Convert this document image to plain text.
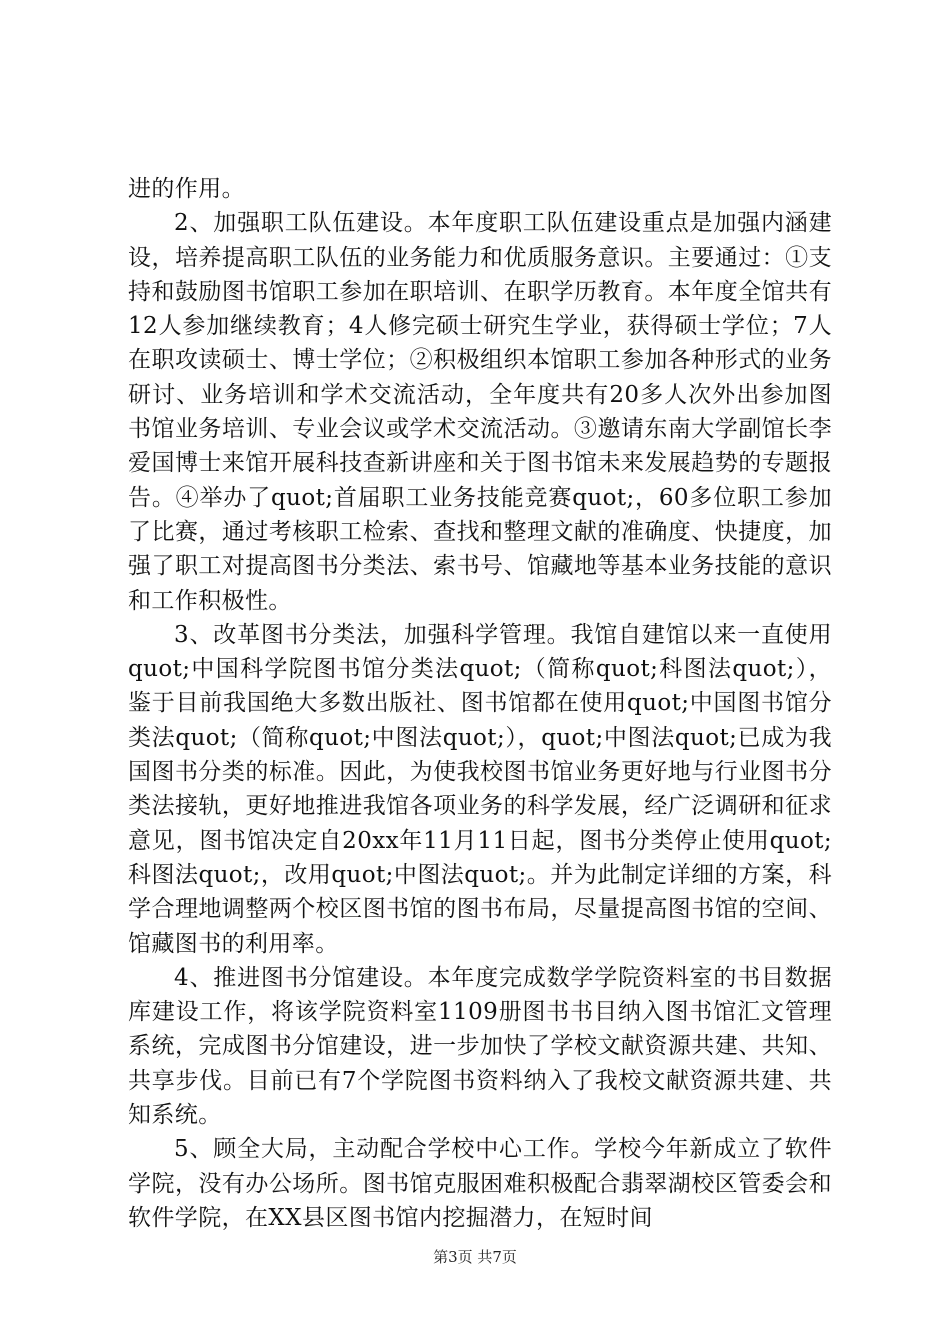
进的作用。

2、加强职工队伍建设。本年度职工队伍建设重点是加强内涵建设，培养提高职工队伍的业务能力和优质服务意识。主要通过：①支持和鼓励图书馆职工参加在职培训、在职学历教育。本年度全馆共有12人参加继续教育；4人修完硕士研究生学业，获得硕士学位；7人在职攻读硕士、博士学位；②积极组织本馆职工参加各种形式的业务研讨、业务培训和学术交流活动，全年度共有20多人次外出参加图书馆业务培训、专业会议或学术交流活动。③邀请东南大学副馆长李爱国博士来馆开展科技查新讲座和关于图书馆未来发展趋势的专题报告。④举办了quot;首届职工业务技能竞赛quot;，60多位职工参加了比赛，通过考核职工检索、查找和整理文献的准确度、快捷度，加强了职工对提高图书分类法、索书号、馆藏地等基本业务技能的意识和工作积极性。

3、改革图书分类法，加强科学管理。我馆自建馆以来一直使用quot;中国科学院图书馆分类法quot;（简称quot;科图法quot;），鉴于目前我国绝大多数出版社、图书馆都在使用quot;中国图书馆分类法quot;（简称quot;中图法quot;），quot;中图法quot;已成为我国图书分类的标准。因此，为使我校图书馆业务更好地与行业图书分类法接轨，更好地推进我馆各项业务的科学发展，经广泛调研和征求意见，图书馆决定自20xx年11月11日起，图书分类停止使用quot;科图法quot;，改用quot;中图法quot;。并为此制定详细的方案，科学合理地调整两个校区图书馆的图书布局，尽量提高图书馆的空间、馆藏图书的利用率。

4、推进图书分馆建设。本年度完成数学学院资料室的书目数据库建设工作，将该学院资料室1109册图书书目纳入图书馆汇文管理系统，完成图书分馆建设，进一步加快了学校文献资源共建、共知、共享步伐。目前已有7个学院图书资料纳入了我校文献资源共建、共知系统。

5、顾全大局，主动配合学校中心工作。学校今年新成立了软件学院，没有办公场所。图书馆克服困难积极配合翡翠湖校区管委会和软件学院，在XX县区图书馆内挖掘潜力，在短时间

第3页 共7页
